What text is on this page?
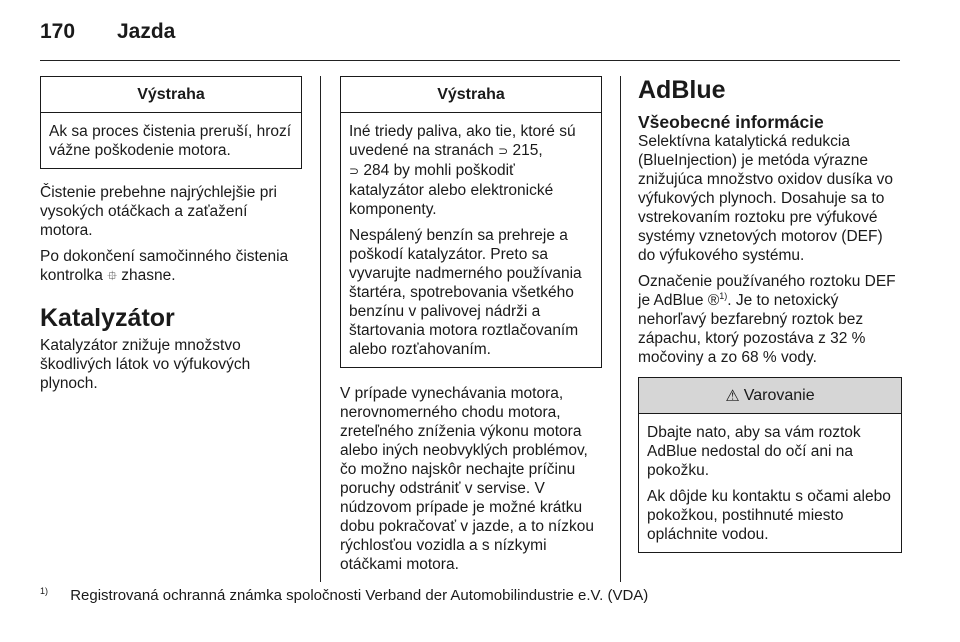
170 Jazda
Výstraha

Ak sa proces čistenia preruší, hrozí vážne poškodenie motora.

Čistenie prebehne najrýchlejšie pri vysokých otáčkach a zaťažení motora.

Po dokončení samočinného čistenia kontrolka ⯐ zhasne.

Katalyzátor

Katalyzátor znižuje množstvo škodlivých látok vo výfukových plynoch.

Výstraha

Iné triedy paliva, ako tie, ktoré sú uvedené na stranách ⊃ 215,
⊃ 284 by mohli poškodiť katalyzátor alebo elektronické komponenty.

Nespálený benzín sa prehreje a poškodí katalyzátor. Preto sa vyvarujte nadmerného používania štartéra, spotrebovania všetkého benzínu v palivovej nádrži a štartovania motora roztlačovaním alebo rozťahovaním.

V prípade vynechávania motora, nerovnomerného chodu motora, zreteľného zníženia výkonu motora alebo iných neobvyklých problémov, čo možno najskôr nechajte príčinu poruchy odstrániť v servise. V núdzovom prípade je možné krátku dobu pokračovať v jazde, a to nízkou rýchlosťou vozidla a s nízkymi otáčkami motora.

AdBlue
Všeobecné informácie

Selektívna katalytická redukcia (BlueInjection) je metóda výrazne znižujúca množstvo oxidov dusíka vo výfukových plynoch. Dosahuje sa to vstrekovaním roztoku pre výfukové systémy vznetových motorov (DEF) do výfukového systému.

Označenie používaného roztoku DEF je AdBlue ®$^{1)}$. Je to netoxický nehorľavý bezfarebný roztok bez zápachu, ktorý pozostáva z 32 % močoviny a zo 68 % vody.

⚠ Varovanie

Dbajte nato, aby sa vám roztok AdBlue nedostal do očí ani na pokožku.

Ak dôjde ku kontaktu s očami alebo pokožkou, postihnuté miesto opláchnite vodou.

$^{1)}$ Registrovaná ochranná známka spoločnosti Verband der Automobilindustrie e.V. (VDA)
